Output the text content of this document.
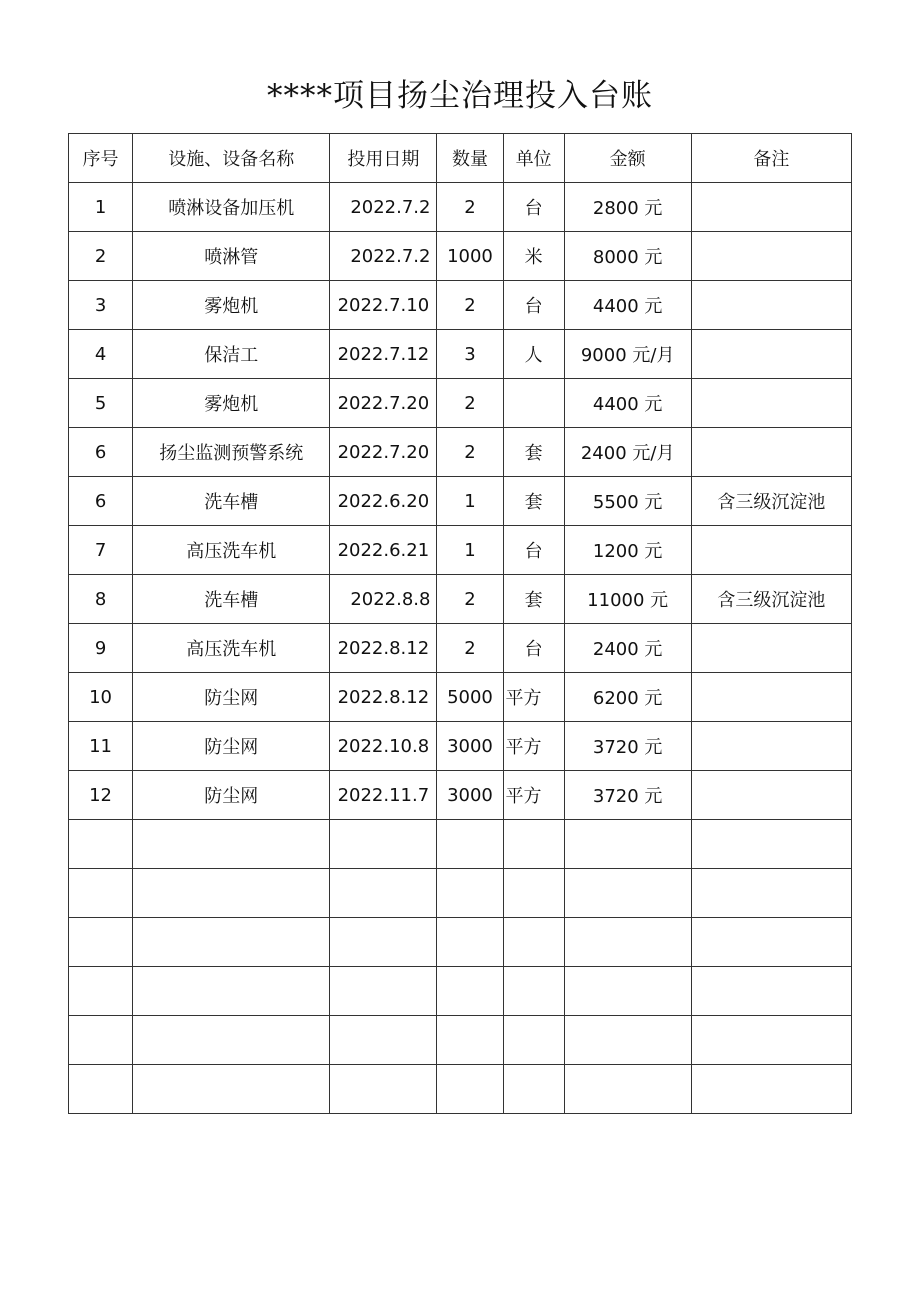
****项目扬尘治理投入台账
序号	设施、设备名称	投用日期	数量	单位	金额	备注
1	喷淋设备加压机	2022.7.2	2	台	2800 元	
2	喷淋管	2022.7.2	1000	米	8000 元	
3	雾炮机	2022.7.10	2	台	4400 元	
4	保洁工	2022.7.12	3	人	9000 元/月	
5	雾炮机	2022.7.20	2		4400 元	
6	扬尘监测预警系统	2022.7.20	2	套	2400 元/月	
6	洗车槽	2022.6.20	1	套	5500 元	含三级沉淀池
7	高压洗车机	2022.6.21	1	台	1200 元	
8	洗车槽	2022.8.8	2	套	11000 元	含三级沉淀池
9	高压洗车机	2022.8.12	2	台	2400 元	
10	防尘网	2022.8.12	5000	平方	6200 元	
11	防尘网	2022.10.8	3000	平方	3720 元	
12	防尘网	2022.11.7	3000	平方	3720 元	
